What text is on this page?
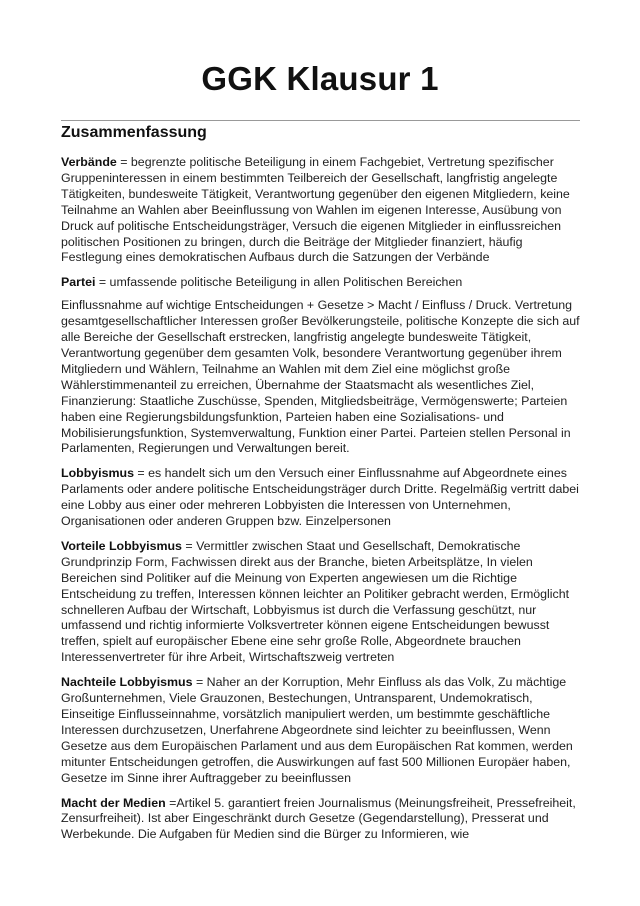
GGK Klausur 1
Zusammenfassung

Verbände = begrenzte politische Beteiligung in einem Fachgebiet, Vertretung spezifischer Gruppeninteressen in einem bestimmten Teilbereich der Gesellschaft, langfristig angelegte Tätigkeiten, bundesweite Tätigkeit, Verantwortung gegenüber den eigenen Mitgliedern, keine Teilnahme an Wahlen aber Beeinflussung von Wahlen im eigenen Interesse, Ausübung von Druck auf politische Entscheidungsträger, Versuch die eigenen Mitglieder in einflussreichen politischen Positionen zu bringen, durch die Beiträge der Mitglieder finanziert, häufig Festlegung eines demokratischen Aufbaus durch die Satzungen der Verbände

Partei = umfassende politische Beteiligung in allen Politischen Bereichen

Einflussnahme auf wichtige Entscheidungen + Gesetze > Macht / Einfluss / Druck. Vertretung gesamtgesellschaftlicher Interessen großer Bevölkerungsteile, politische Konzepte die sich auf alle Bereiche der Gesellschaft erstrecken, langfristig angelegte bundesweite Tätigkeit, Verantwortung gegenüber dem gesamten Volk, besondere Verantwortung gegenüber ihrem Mitgliedern und Wählern, Teilnahme an Wahlen mit dem Ziel eine möglichst große Wählerstimmenanteil zu erreichen, Übernahme der Staatsmacht als wesentliches Ziel, Finanzierung: Staatliche Zuschüsse, Spenden, Mitgliedsbeiträge, Vermögenswerte; Parteien haben eine Regierungsbildungsfunktion, Parteien haben eine Sozialisations- und Mobilisierungsfunktion, Systemverwaltung, Funktion einer Partei. Parteien stellen Personal in Parlamenten, Regierungen und Verwaltungen bereit.

Lobbyismus = es handelt sich um den Versuch einer Einflussnahme auf Abgeordnete eines Parlaments oder andere politische Entscheidungsträger durch Dritte. Regelmäßig vertritt dabei eine Lobby aus einer oder mehreren Lobbyisten die Interessen von Unternehmen, Organisationen oder anderen Gruppen bzw. Einzelpersonen

Vorteile Lobbyismus = Vermittler zwischen Staat und Gesellschaft, Demokratische Grundprinzip Form, Fachwissen direkt aus der Branche, bieten Arbeitsplätze, In vielen Bereichen sind Politiker auf die Meinung von Experten angewiesen um die Richtige Entscheidung zu treffen, Interessen können leichter an Politiker gebracht werden, Ermöglicht schnelleren Aufbau der Wirtschaft, Lobbyismus ist durch die Verfassung geschützt, nur umfassend und richtig informierte Volksvertreter können eigene Entscheidungen bewusst treffen, spielt auf europäischer Ebene eine sehr große Rolle, Abgeordnete brauchen Interessenvertreter für ihre Arbeit, Wirtschaftszweig vertreten

Nachteile Lobbyismus = Naher an der Korruption, Mehr Einfluss als das Volk, Zu mächtige Großunternehmen, Viele Grauzonen, Bestechungen, Untransparent, Undemokratisch, Einseitige Einflusseinnahme, vorsätzlich manipuliert werden, um bestimmte geschäftliche Interessen durchzusetzen, Unerfahrene Abgeordnete sind leichter zu beeinflussen, Wenn Gesetze aus dem Europäischen Parlament und aus dem Europäischen Rat kommen, werden mitunter Entscheidungen getroffen, die Auswirkungen auf fast 500 Millionen Europäer haben, Gesetze im Sinne ihrer Auftraggeber zu beeinflussen

Macht der Medien =Artikel 5. garantiert freien Journalismus (Meinungsfreiheit, Pressefreiheit, Zensurfreiheit). Ist aber Eingeschränkt durch Gesetze (Gegendarstellung), Presserat und Werbekunde. Die Aufgaben für Medien sind die Bürger zu Informieren, wie
